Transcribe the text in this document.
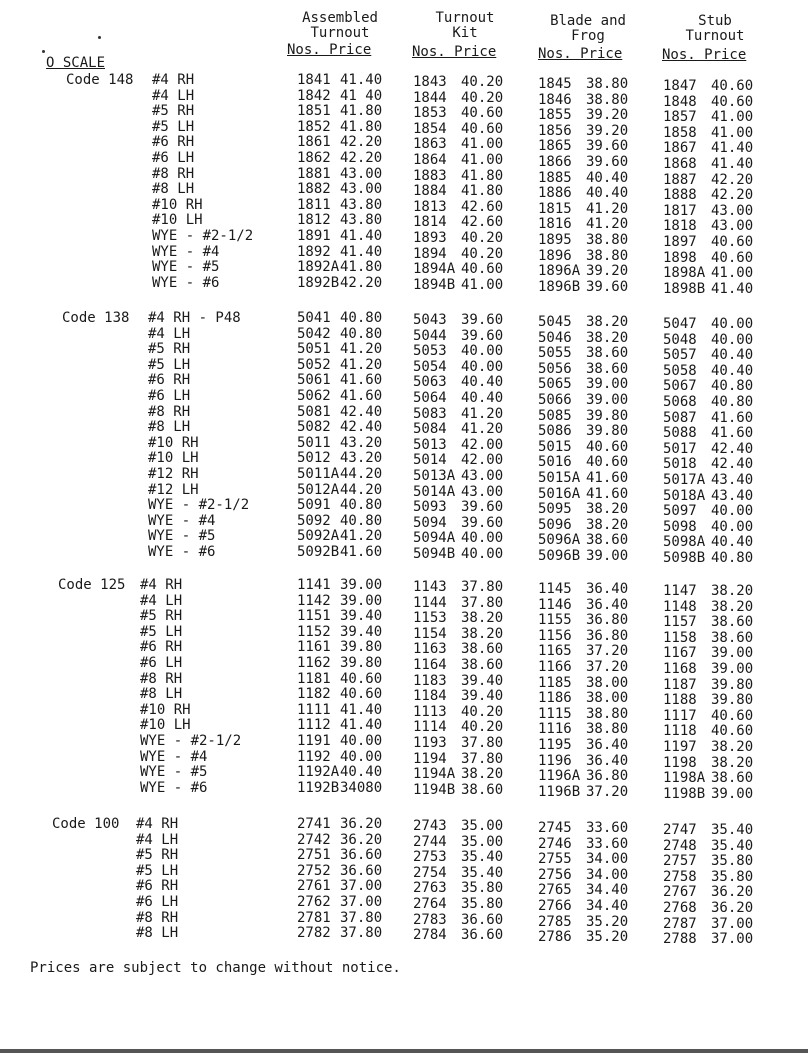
Assembled
Turnout
Turnout
Kit
Blade and
Frog
Stub
Turnout
Nos. Price	Nos. Price	Nos. Price	Nos. Price
O SCALE
Code 148 #4 RH	1841 41.40 1843 40.20 1845 38.80 1847 40.60
#4 LH	1842 41 40 1844 40.20 1846 38.80 1848 40.60
#5 RH	1851 41.80 1853 40.60 1855 39.20 1857 41.00
#5 LH	1852 41.80 1854 40.60 1856 39.20 1858 41.00
#6 RH	1861 42.20 1863 41.00 1865 39.60 1867 41.40
#6 LH	1862 42.20 1864 41.00 1866 39.60 1868 41.40
#8 RH	1881 43.00 1883 41.80 1885 40.40 1887 42.20
#8 LH	1882 43.00 1884 41.80 1886 40.40 1888 42.20
#10 RH	1811 43.80 1813 42.60 1815 41.20 1817 43.00
#10 LH	1812 43.80 1814 42.60 1816 41.20 1818 43.00
WYE - #2-1/2	1891 41.40 1893 40.20 1895 38.80 1897 40.60
WYE - #4	1892 41.40 1894 40.20 1896 38.80 1898 40.60
WYE - #5	1892A 41.80 1894A 40.60 1896A 39.20 1898A 41.00
WYE - #6	1892B 42.20 1894B 41.00 1896B 39.60 1898B 41.40
Code 138 #4 RH - P48	5041 40.80 5043 39.60 5045 38.20 5047 40.00
#4 LH	5042 40.80 5044 39.60 5046 38.20 5048 40.00
#5 RH	5051 41.20 5053 40.00 5055 38.60 5057 40.40
#5 LH	5052 41.20 5054 40.00 5056 38.60 5058 40.40
#6 RH	5061 41.60 5063 40.40 5065 39.00 5067 40.80
#6 LH	5062 41.60 5064 40.40 5066 39.00 5068 40.80
#8 RH	5081 42.40 5083 41.20 5085 39.80 5087 41.60
#8 LH	5082 42.40 5084 41.20 5086 39.80 5088 41.60
#10 RH	5011 43.20 5013 42.00 5015 40.60 5017 42.40
#10 LH	5012 43.20 5014 42.00 5016 40.60 5018 42.40
#12 RH	5011A 44.20 5013A 43.00 5015A 41.60 5017A 43.40
#12 LH	5012A 44.20 5014A 43.00 5016A 41.60 5018A 43.40
WYE - #2-1/2	5091 40.80 5093 39.60 5095 38.20 5097 40.00
WYE - #4	5092 40.80 5094 39.60 5096 38.20 5098 40.00
WYE - #5	5092A 41.20 5094A 40.00 5096A 38.60 5098A 40.40
WYE - #6	5092B 41.60 5094B 40.00 5096B 39.00 5098B 40.80
Code 125 #4 RH	1141 39.00 1143 37.80 1145 36.40 1147 38.20
#4 LH	1142 39.00 1144 37.80 1146 36.40 1148 38.20
#5 RH	1151 39.40 1153 38.20 1155 36.80 1157 38.60
#5 LH	1152 39.40 1154 38.20 1156 36.80 1158 38.60
#6 RH	1161 39.80 1163 38.60 1165 37.20 1167 39.00
#6 LH	1162 39.80 1164 38.60 1166 37.20 1168 39.00
#8 RH	1181 40.60 1183 39.40 1185 38.00 1187 39.80
#8 LH	1182 40.60 1184 39.40 1186 38.00 1188 39.80
#10 RH	1111 41.40 1113 40.20 1115 38.80 1117 40.60
#10 LH	1112 41.40 1114 40.20 1116 38.80 1118 40.60
WYE - #2-1/2	1191 40.00 1193 37.80 1195 36.40 1197 38.20
WYE - #4	1192 40.00 1194 37.80 1196 36.40 1198 38.20
WYE - #5	1192A 40.40 1194A 38.20 1196A 36.80 1198A 38.60
WYE - #6	1192B 34080 1194B 38.60 1196B 37.20 1198B 39.00
Code 100 #4 RH	2741 36.20 2743 35.00 2745 33.60 2747 35.40
#4 LH	2742 36.20 2744 35.00 2746 33.60 2748 35.40
#5 RH	2751 36.60 2753 35.40 2755 34.00 2757 35.80
#5 LH	2752 36.60 2754 35.40 2756 34.00 2758 35.80
#6 RH	2761 37.00 2763 35.80 2765 34.40 2767 36.20
#6 LH	2762 37.00 2764 35.80 2766 34.40 2768 36.20
#8 RH	2781 37.80 2783 36.60 2785 35.20 2787 37.00
#8 LH	2782 37.80 2784 36.60 2786 35.20 2788 37.00
Prices are subject to change without notice.
